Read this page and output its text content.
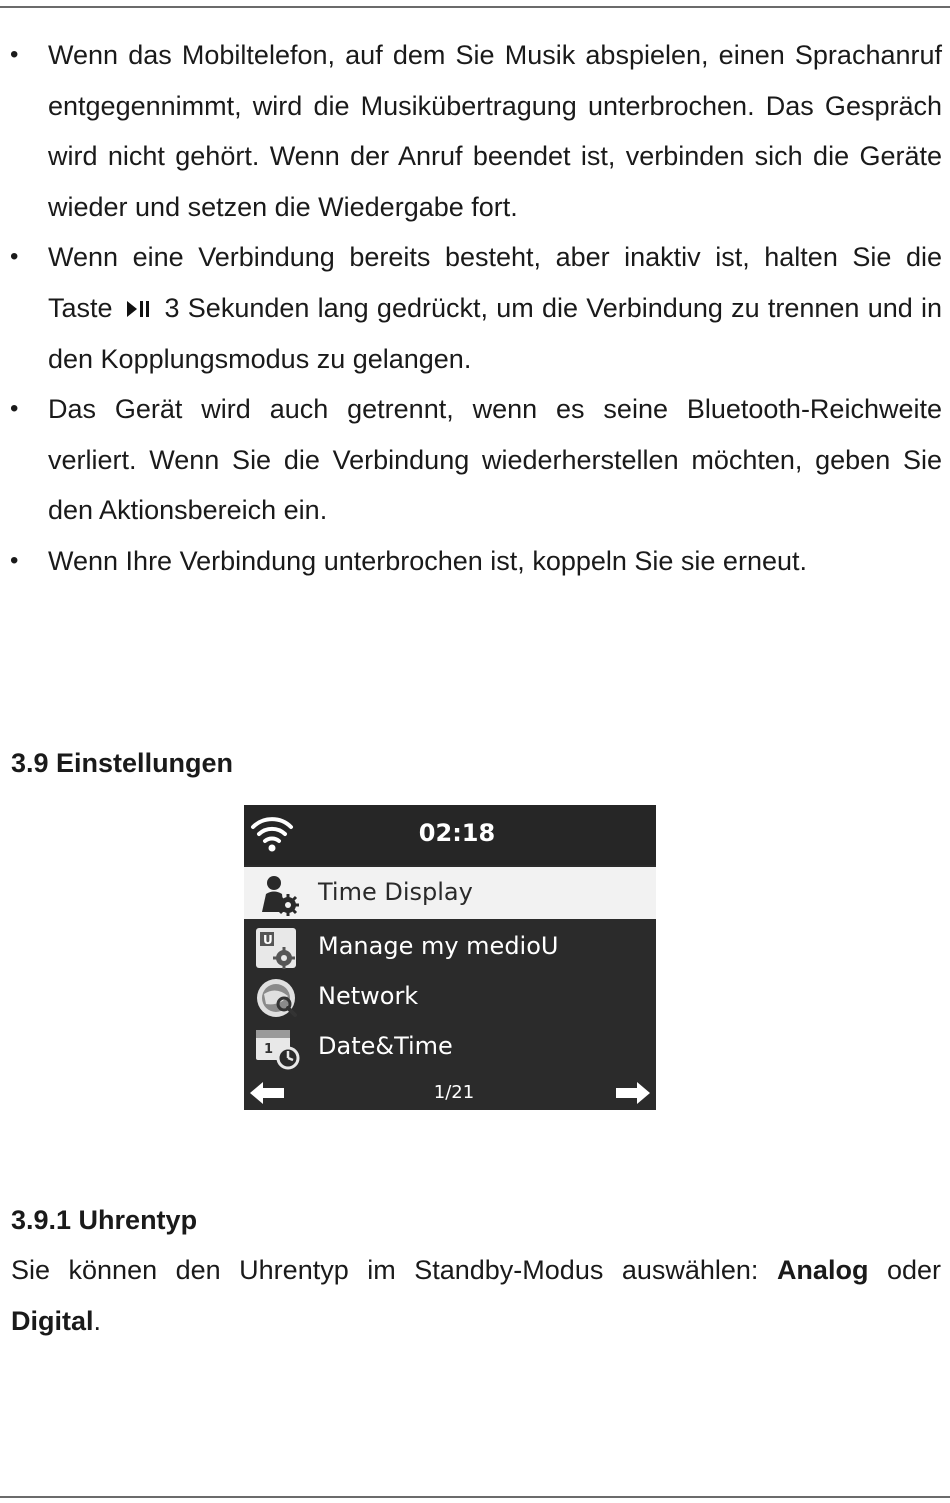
• Wenn das Mobiltelefon, auf dem Sie Musik abspielen, einen Sprachanruf entgegennimmt, wird die Musikübertragung unterbrochen. Das Gespräch wird nicht gehört. Wenn der Anruf beendet ist, verbinden sich die Geräte wieder und setzen die Wiedergabe fort.
• Wenn eine Verbindung bereits besteht, aber inaktiv ist, halten Sie die Taste 3 Sekunden lang gedrückt, um die Verbindung zu trennen und in den Kopplungsmodus zu gelangen.
• Das Gerät wird auch getrennt, wenn es seine Bluetooth-Reichweite verliert. Wenn Sie die Verbindung wiederherstellen möchten, geben Sie den Aktionsbereich ein.
• Wenn Ihre Verbindung unterbrochen ist, koppeln Sie sie erneut.
3.9 Einstellungen
02:18
Time Display
U Manage my medioU
Network
1 Date&Time
1/21
3.9.1 Uhrentyp

Sie können den Uhrentyp im Standby-Modus auswählen: Analog oder Digital.
